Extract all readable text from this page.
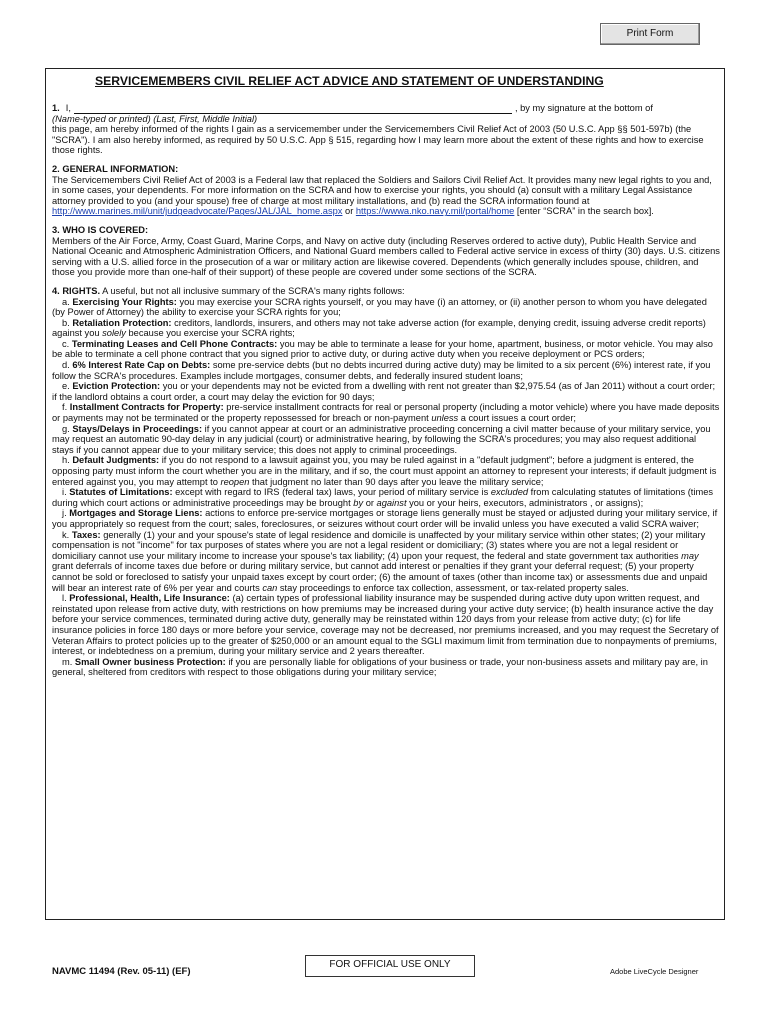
Print Form
SERVICEMEMBERS CIVIL RELIEF ACT ADVICE AND STATEMENT OF UNDERSTANDING
1. I,	, by my signature at the bottom of

(Name-typed or printed) (Last, First, Middle Initial)

this page, am hereby informed of the rights I gain as a servicemember under the Servicemembers Civil Relief Act of 2003 (50 U.S.C. App §§ 501-597b) (the "SCRA"). I am also hereby informed, as required by 50 U.S.C. App § 515, regarding how I may learn more about the extent of these rights and how to exercise those rights.

2. GENERAL INFORMATION:

The Servicemembers Civil Relief Act of 2003 is a Federal law that replaced the Soldiers and Sailors Civil Relief Act. It provides many new legal rights to you and, in some cases, your dependents. For more information on the SCRA and how to exercise your rights, you should (a) consult with a military Legal Assistance attorney provided to you (and your spouse) free of charge at most military installations, and (b) read the SCRA information found at http://www.marines.mil/unit/judgeadvocate/Pages/JAL/JAL_home.aspx or https://wwwa.nko.navy.mil/portal/home [enter “SCRA” in the search box].

3. WHO IS COVERED:

Members of the Air Force, Army, Coast Guard, Marine Corps, and Navy on active duty (including Reserves ordered to active duty), Public Health Service and National Oceanic and Atmospheric Administration Officers, and National Guard members called to Federal active service in excess of thirty (30) days. U.S. citizens serving with a U.S. allied force in the prosecution of a war or military action are likewise covered. Dependents (which generally includes spouse, children, and those you provide more than one-half of their support) of these people are covered under some sections of the SCRA.

4. RIGHTS. A useful, but not all inclusive summary of the SCRA's many rights follows:

a. Exercising Your Rights: you may exercise your SCRA rights yourself, or you may have (i) an attorney, or (ii) another person to whom you have delegated (by Power of Attorney) the ability to exercise your SCRA rights for you;

b. Retaliation Protection: creditors, landlords, insurers, and others may not take adverse action (for example, denying credit, issuing adverse credit reports) against you solely because you exercise your SCRA rights;

c. Terminating Leases and Cell Phone Contracts: you may be able to terminate a lease for your home, apartment, business, or motor vehicle. You may also be able to terminate a cell phone contract that you signed prior to active duty, or during active duty when you receive deployment or PCS orders;

d. 6% Interest Rate Cap on Debts: some pre-service debts (but no debts incurred during active duty) may be limited to a six percent (6%) interest rate, if you follow the SCRA's procedures. Examples include mortgages, consumer debts, and federally insured student loans;

e. Eviction Protection: you or your dependents may not be evicted from a dwelling with rent not greater than $2,975.54 (as of Jan 2011) without a court order; if the landlord obtains a court order, a court may delay the eviction for 90 days;

f. Installment Contracts for Property: pre-service installment contracts for real or personal property (including a motor vehicle) where you have made deposits or payments may not be terminated or the property repossessed for breach or non-payment unless a court issues a court order;

g. Stays/Delays in Proceedings: if you cannot appear at court or an administrative proceeding concerning a civil matter because of your military service, you may request an automatic 90-day delay in any judicial (court) or administrative hearing, by following the SCRA's procedures; you may also request additional stays if you cannot appear due to your military service; this does not apply to criminal proceedings.

h. Default Judgments: if you do not respond to a lawsuit against you, you may be ruled against in a "default judgment"; before a judgment is entered, the opposing party must inform the court whether you are in the military, and if so, the court must appoint an attorney to represent your interests; if default judgment is entered against you, you may attempt to reopen that judgment no later than 90 days after you leave the military service;

i. Statutes of Limitations: except with regard to IRS (federal tax) laws, your period of military service is excluded from calculating statutes of limitations (times during which court actions or administrative proceedings may be brought by or against you or your heirs, executors, administrators , or assigns);

j. Mortgages and Storage Liens: actions to enforce pre-service mortgages or storage liens generally must be stayed or adjusted during your military service, if you appropriately so request from the court; sales, foreclosures, or seizures without court order will be invalid unless you have executed a valid SCRA waiver;

k. Taxes: generally (1) your and your spouse's state of legal residence and domicile is unaffected by your military service within other states; (2) your military compensation is not "income" for tax purposes of states where you are not a legal resident or domiciliary; (3) states where you are not a legal resident or domiciliary cannot use your military income to increase your spouse's tax liability; (4) upon your request, the federal and state government tax authorities may grant deferrals of income taxes due before or during military service, but cannot add interest or penalties if they grant your deferral request; (5) your property cannot be sold or foreclosed to satisfy your unpaid taxes except by court order; (6) the amount of taxes (other than income tax) or assessments due and unpaid will bear an interest rate of 6% per year and courts can stay proceedings to enforce tax collection, assessment, or tax-related property sales.

l. Professional, Health, Life Insurance: (a) certain types of professional liability insurance may be suspended during active duty upon written request, and reinstated upon release from active duty, with restrictions on how premiums may be increased during your active duty service; (b) health insurance active the day before your service commences, terminated during active duty, generally may be reinstated within 120 days from your release from active duty; (c) for life insurance policies in force 180 days or more before your service, coverage may not be decreased, nor premiums increased, and you may request the Secretary of Veteran Affairs to protect policies up to the greater of $250,000 or an amount equal to the SGLI maximum limit from termination due to nonpayments of premiums, interest, or indebtedness on a premium, during your military service and 2 years thereafter.

m. Small Owner business Protection: if you are personally liable for obligations of your business or trade, your non-business assets and military pay are, in general, sheltered from creditors with respect to those obligations during your military service;

NAVMC 11494 (Rev. 05-11) (EF)
FOR OFFICIAL USE ONLY
Adobe LiveCycle Designer
